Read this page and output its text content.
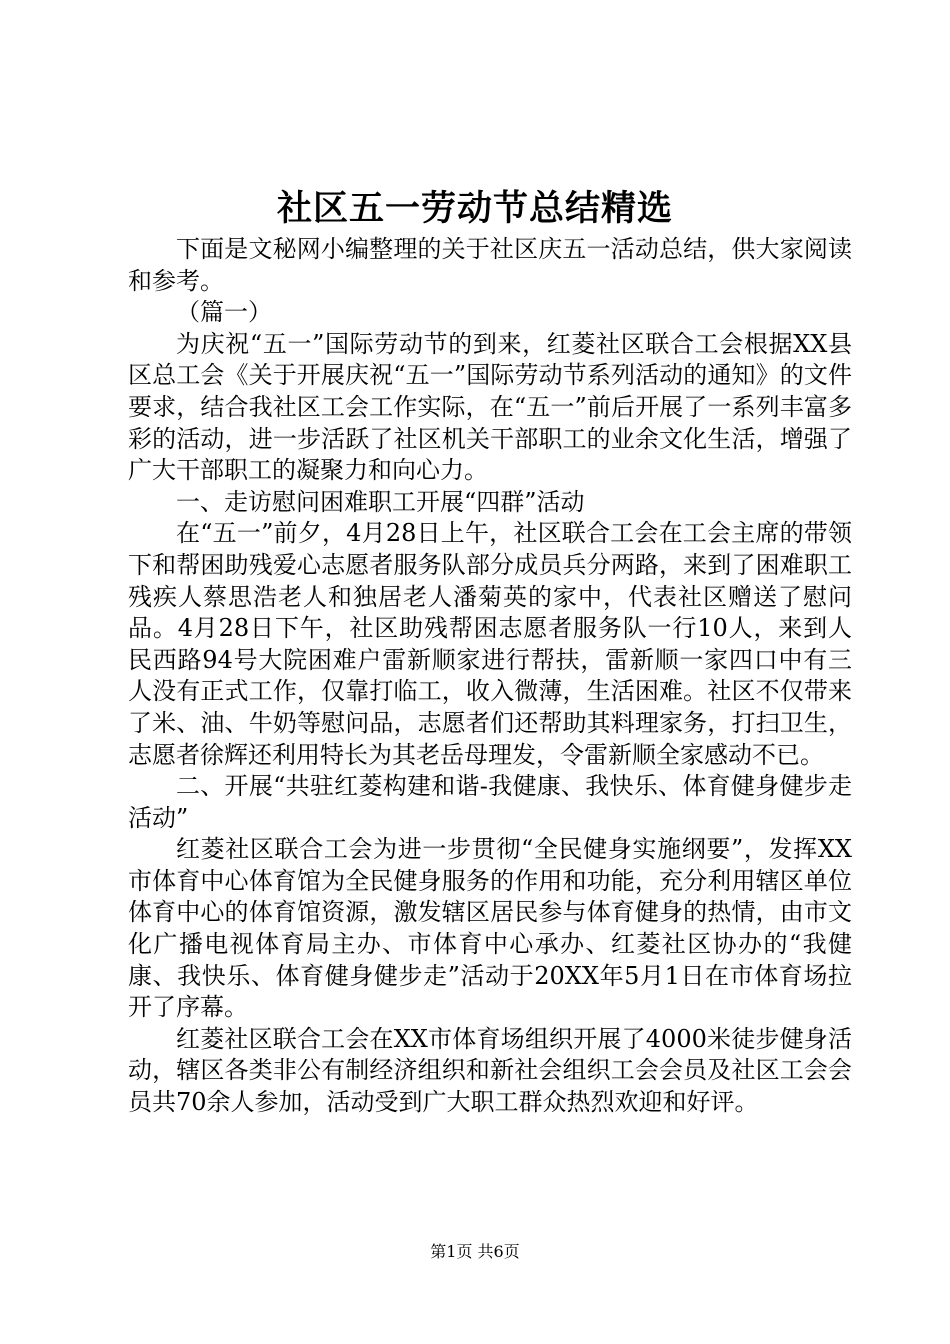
社区五一劳动节总结精选

下面是文秘网小编整理的关于社区庆五一活动总结，供大家阅读和参考。

（篇一）

为庆祝“五一”国际劳动节的到来，红菱社区联合工会根据XX县区总工会《关于开展庆祝“五一”国际劳动节系列活动的通知》的文件要求，结合我社区工会工作实际，在“五一”前后开展了一系列丰富多彩的活动，进一步活跃了社区机关干部职工的业余文化生活，增强了广大干部职工的凝聚力和向心力。

一、走访慰问困难职工开展“四群”活动

在“五一”前夕，4月28日上午，社区联合工会在工会主席的带领下和帮困助残爱心志愿者服务队部分成员兵分两路，来到了困难职工残疾人蔡思浩老人和独居老人潘菊英的家中，代表社区赠送了慰问品。4月28日下午，社区助残帮困志愿者服务队一行10人，来到人民西路94号大院困难户雷新顺家进行帮扶，雷新顺一家四口中有三人没有正式工作，仅靠打临工，收入微薄，生活困难。社区不仅带来了米、油、牛奶等慰问品，志愿者们还帮助其料理家务，打扫卫生，志愿者徐辉还利用特长为其老岳母理发，令雷新顺全家感动不已。

二、开展“共驻红菱构建和谐-我健康、我快乐、体育健身健步走活动”

红菱社区联合工会为进一步贯彻“全民健身实施纲要”，发挥XX市体育中心体育馆为全民健身服务的作用和功能，充分利用辖区单位体育中心的体育馆资源，激发辖区居民参与体育健身的热情，由市文化广播电视体育局主办、市体育中心承办、红菱社区协办的“我健康、我快乐、体育健身健步走”活动于20XX年5月1日在市体育场拉开了序幕。

红菱社区联合工会在XX市体育场组织开展了4000米徒步健身活动，辖区各类非公有制经济组织和新社会组织工会会员及社区工会会员共70余人参加，活动受到广大职工群众热烈欢迎和好评。

第1页 共6页
